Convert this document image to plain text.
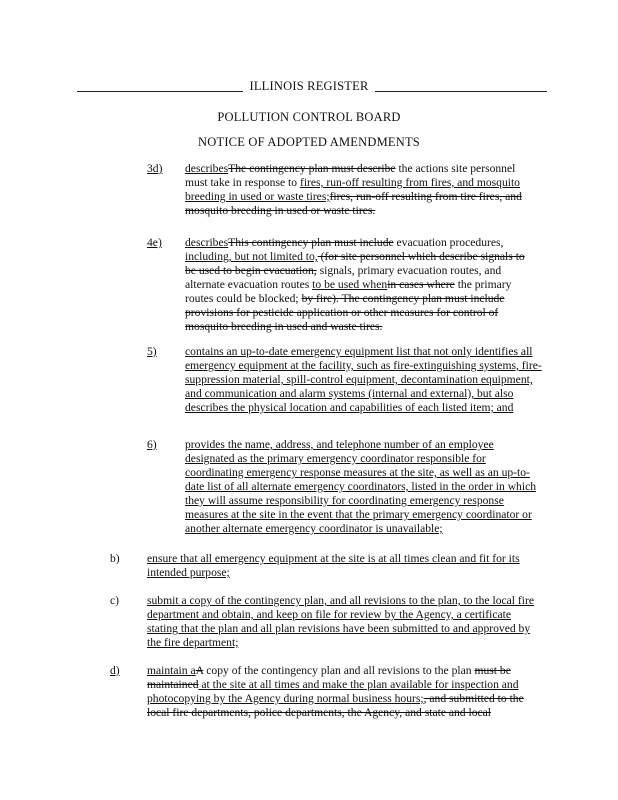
ILLINOIS REGISTER
POLLUTION CONTROL BOARD
NOTICE OF ADOPTED AMENDMENTS
3d) describesThe contingency plan must describe the actions site personnel must take in response to fires, run-off resulting from fires, and mosquito breeding in used or waste tires;fires, run-off resulting from tire fires, and mosquito breeding in used or waste tires.
4e) describesThis contingency plan must include evacuation procedures, including, but not limited to, (for site personnel which describe signals to be used to begin evacuation, signals, primary evacuation routes, and alternate evacuation routes to be used whenin cases where the primary routes could be blocked; by fire). The contingency plan must include provisions for pesticide application or other measures for control of mosquito breeding in used and waste tires.
5) contains an up-to-date emergency equipment list that not only identifies all emergency equipment at the facility, such as fire-extinguishing systems, fire-suppression material, spill-control equipment, decontamination equipment, and communication and alarm systems (internal and external), but also describes the physical location and capabilities of each listed item; and
6) provides the name, address, and telephone number of an employee designated as the primary emergency coordinator responsible for coordinating emergency response measures at the site, as well as an up-to-date list of all alternate emergency coordinators, listed in the order in which they will assume responsibility for coordinating emergency response measures at the site in the event that the primary emergency coordinator or another alternate emergency coordinator is unavailable;
b) ensure that all emergency equipment at the site is at all times clean and fit for its intended purpose;
c) submit a copy of the contingency plan, and all revisions to the plan, to the local fire department and obtain, and keep on file for review by the Agency, a certificate stating that the plan and all plan revisions have been submitted to and approved by the fire department;
d) maintain aA copy of the contingency plan and all revisions to the plan must be maintained at the site at all times and make the plan available for inspection and photocopying by the Agency during normal business hours;, and submitted to the local fire departments, police departments, the Agency, and state and local
